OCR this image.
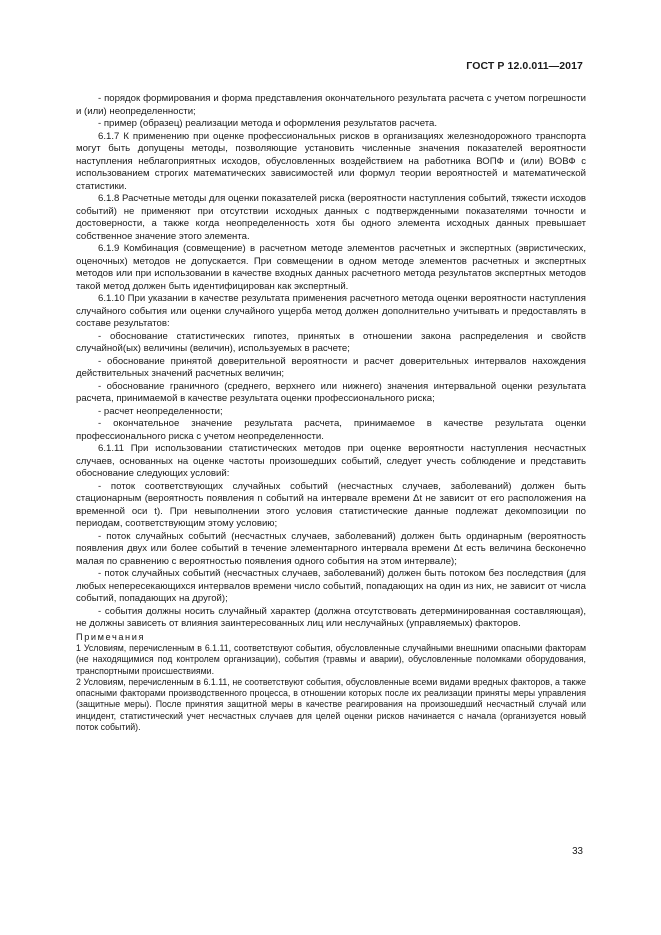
ГОСТ Р 12.0.011—2017

- порядок формирования и форма представления окончательного результата расчета с учетом погрешности и (или) неопределенности;

- пример (образец) реализации метода и оформления результатов расчета.

6.1.7 К применению при оценке профессиональных рисков в организациях железнодорожного транспорта могут быть допущены методы, позволяющие установить численные значения показателей вероятности наступления неблагоприятных исходов, обусловленных воздействием на работника ВОПФ и (или) ВОВФ с использованием строгих математических зависимостей или формул теории вероятностей и математической статистики.

6.1.8 Расчетные методы для оценки показателей риска (вероятности наступления событий, тяжести исходов событий) не применяют при отсутствии исходных данных с подтвержденными показателями точности и достоверности, а также когда неопределенность хотя бы одного элемента исходных данных превышает собственное значение этого элемента.

6.1.9 Комбинация (совмещение) в расчетном методе элементов расчетных и экспертных (эвристических, оценочных) методов не допускается. При совмещении в одном методе элементов расчетных и экспертных методов или при использовании в качестве входных данных расчетного метода результатов экспертных методов такой метод должен быть идентифицирован как экспертный.

6.1.10 При указании в качестве результата применения расчетного метода оценки вероятности наступления случайного события или оценки случайного ущерба метод должен дополнительно учитывать и предоставлять в составе результатов:

- обоснование статистических гипотез, принятых в отношении закона распределения и свойств случайной(ых) величины (величин), используемых в расчете;

- обоснование принятой доверительной вероятности и расчет доверительных интервалов нахождения действительных значений расчетных величин;

- обоснование граничного (среднего, верхнего или нижнего) значения интервальной оценки результата расчета, принимаемой в качестве результата оценки профессионального риска;

- расчет неопределенности;

- окончательное значение результата расчета, принимаемое в качестве результата оценки профессионального риска с учетом неопределенности.

6.1.11 При использовании статистических методов при оценке вероятности наступления несчастных случаев, основанных на оценке частоты произошедших событий, следует учесть соблюдение и представить обоснование следующих условий:

- поток соответствующих случайных событий (несчастных случаев, заболеваний) должен быть стационарным (вероятность появления n событий на интервале времени Δt не зависит от его расположения на временной оси t). При невыполнении этого условия статистические данные подлежат декомпозиции по периодам, соответствующим этому условию;

- поток случайных событий (несчастных случаев, заболеваний) должен быть ординарным (вероятность появления двух или более событий в течение элементарного интервала времени Δt есть величина бесконечно малая по сравнению с вероятностью появления одного события на этом интервале);

- поток случайных событий (несчастных случаев, заболеваний) должен быть потоком без последствия (для любых непересекающихся интервалов времени число событий, попадающих на один из них, не зависит от числа событий, попадающих на другой);

- события должны носить случайный характер (должна отсутствовать детерминированная составляющая), не должны зависеть от влияния заинтересованных лиц или неслучайных (управляемых) факторов.

Примечания

1 Условиям, перечисленным в 6.1.11, соответствуют события, обусловленные случайными внешними опасными факторам (не находящимися под контролем организации), события (травмы и аварии), обусловленные поломками оборудования, транспортными происшествиями.

2 Условиям, перечисленным в 6.1.11, не соответствуют события, обусловленные всеми видами вредных факторов, а также опасными факторами производственного процесса, в отношении которых после их реализации приняты меры управления (защитные меры). После принятия защитной меры в качестве реагирования на произошедший несчастный случай или инцидент, статистический учет несчастных случаев для целей оценки рисков начинается с начала (организуется новый поток событий).

33
